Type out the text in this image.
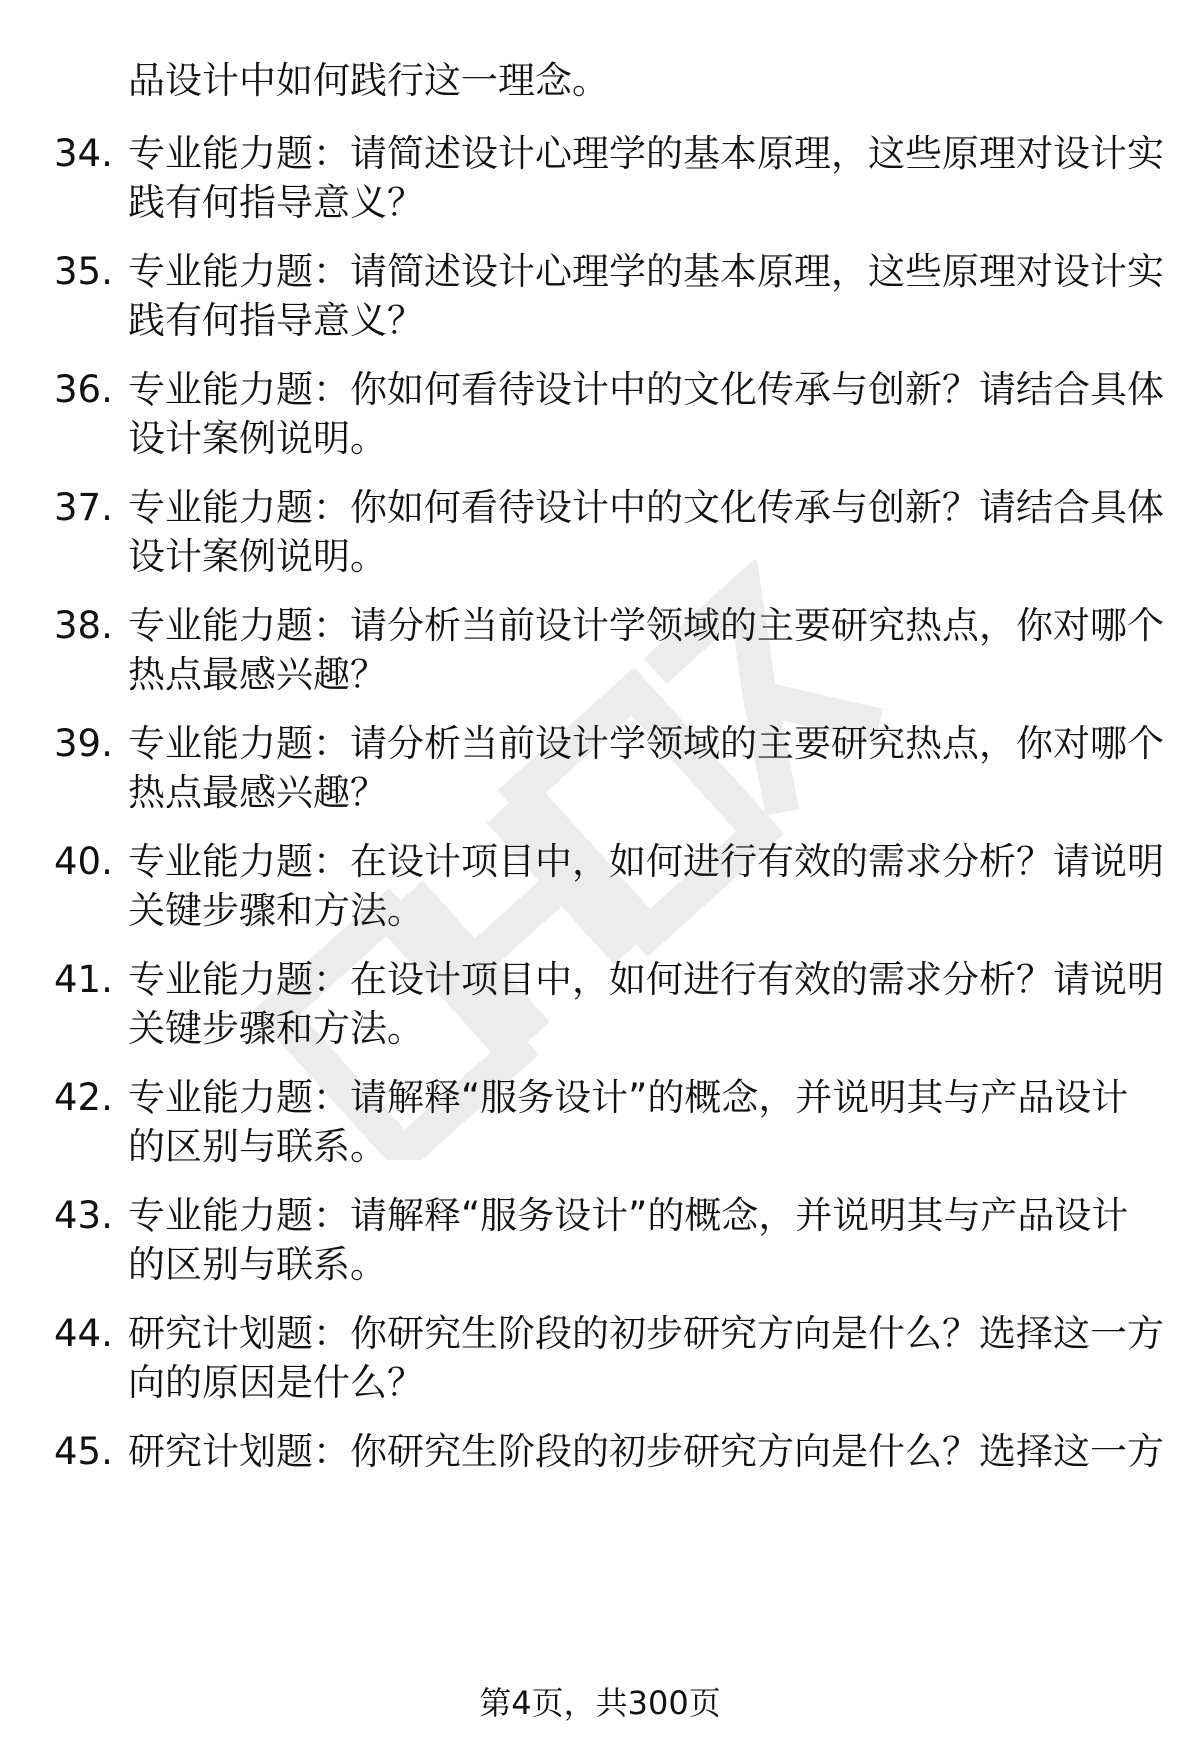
品设计中如何践行这一理念。
34. 专业能力题：请简述设计心理学的基本原理，这些原理对设计实
践有何指导意义？
35. 专业能力题：请简述设计心理学的基本原理，这些原理对设计实
践有何指导意义？
36. 专业能力题：你如何看待设计中的文化传承与创新？请结合具体
设计案例说明。
37. 专业能力题：你如何看待设计中的文化传承与创新？请结合具体
设计案例说明。
38. 专业能力题：请分析当前设计学领域的主要研究热点，你对哪个
热点最感兴趣？
39. 专业能力题：请分析当前设计学领域的主要研究热点，你对哪个
热点最感兴趣？
40. 专业能力题：在设计项目中，如何进行有效的需求分析？请说明
关键步骤和方法。
41. 专业能力题：在设计项目中，如何进行有效的需求分析？请说明
关键步骤和方法。
42. 专业能力题：请解释“服务设计”的概念，并说明其与产品设计
的区别与联系。
43. 专业能力题：请解释“服务设计”的概念，并说明其与产品设计
的区别与联系。
44. 研究计划题：你研究生阶段的初步研究方向是什么？选择这一方
向的原因是什么？
45. 研究计划题：你研究生阶段的初步研究方向是什么？选择这一方
第4页，共300页
